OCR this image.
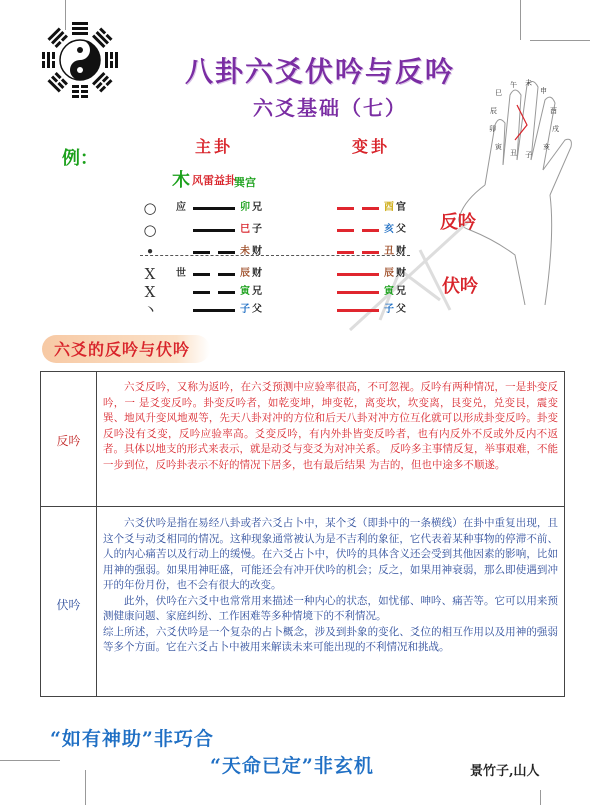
八卦六爻伏吟与反吟
六爻基础（七）
巳
午 未
申
辰	酉
卯	戌
寅
丑 子
亥
例：
主卦	变卦
木 风雷益卦
巽宫
○ 应	卯 兄	酉 官
○	巳 子	亥 父
•	未 财	丑 财
X 世	辰 财	辰 财
X	寅 兄	寅 兄
丶	子 父	子 父
反吟
伏吟
六爻的反吟与伏吟
反吟
六爻反吟，又称为返吟，在六爻预测中应验率很高，不可忽视。反吟有两种情况，一是卦变反吟，一 是爻变反吟。卦变反吟者，如乾变坤，坤变乾，离变坎，坎变离，艮变兑，兑变艮，震变巽、地风升变风地观等，先天八卦对冲的方位和后天八卦对冲方位互化就可以形成卦变反吟。卦变反吟没有爻变，反吟应验率高。爻变反吟，有内外卦皆变反吟者，也有内反外不反或外反内不返者。具体以地支的形式来表示，就是动爻与变爻为对冲关系。 反吟多主事情反复，举事艰难，不能一步到位，反吟卦表示不好的情况下居多，也有最后结果 为吉的，但也中途多不顺遂。
伏吟

六爻伏吟是指在易经八卦或者六爻占卜中，某个爻（即卦中的一条横线）在卦中重复出现，且这个爻与动爻相同的情况。这种现象通常被认为是不吉利的象征，它代表着某种事物的停滞不前、人的内心痛苦以及行动上的缓慢。在六爻占卜中，伏吟的具体含义还会受到其他因素的影响，比如用神的强弱。如果用神旺盛，可能还会有冲开伏吟的机会；反之，如果用神衰弱，那么即使遇到冲开的年份月份，也不会有很大的改变。

此外，伏吟在六爻中也常常用来描述一种内心的状态，如忧郁、呻吟、痛苦等。它可以用来预测健康问题、家庭纠纷、工作困难等多种情境下的不利情况。

综上所述，六爻伏吟是一个复杂的占卜概念，涉及到卦象的变化、爻位的相互作用以及用神的强弱等多个方面。它在六爻占卜中被用来解读未来可能出现的不利情况和挑战。

“如有神助”非巧合
“天命已定”非玄机	景竹子,山人
